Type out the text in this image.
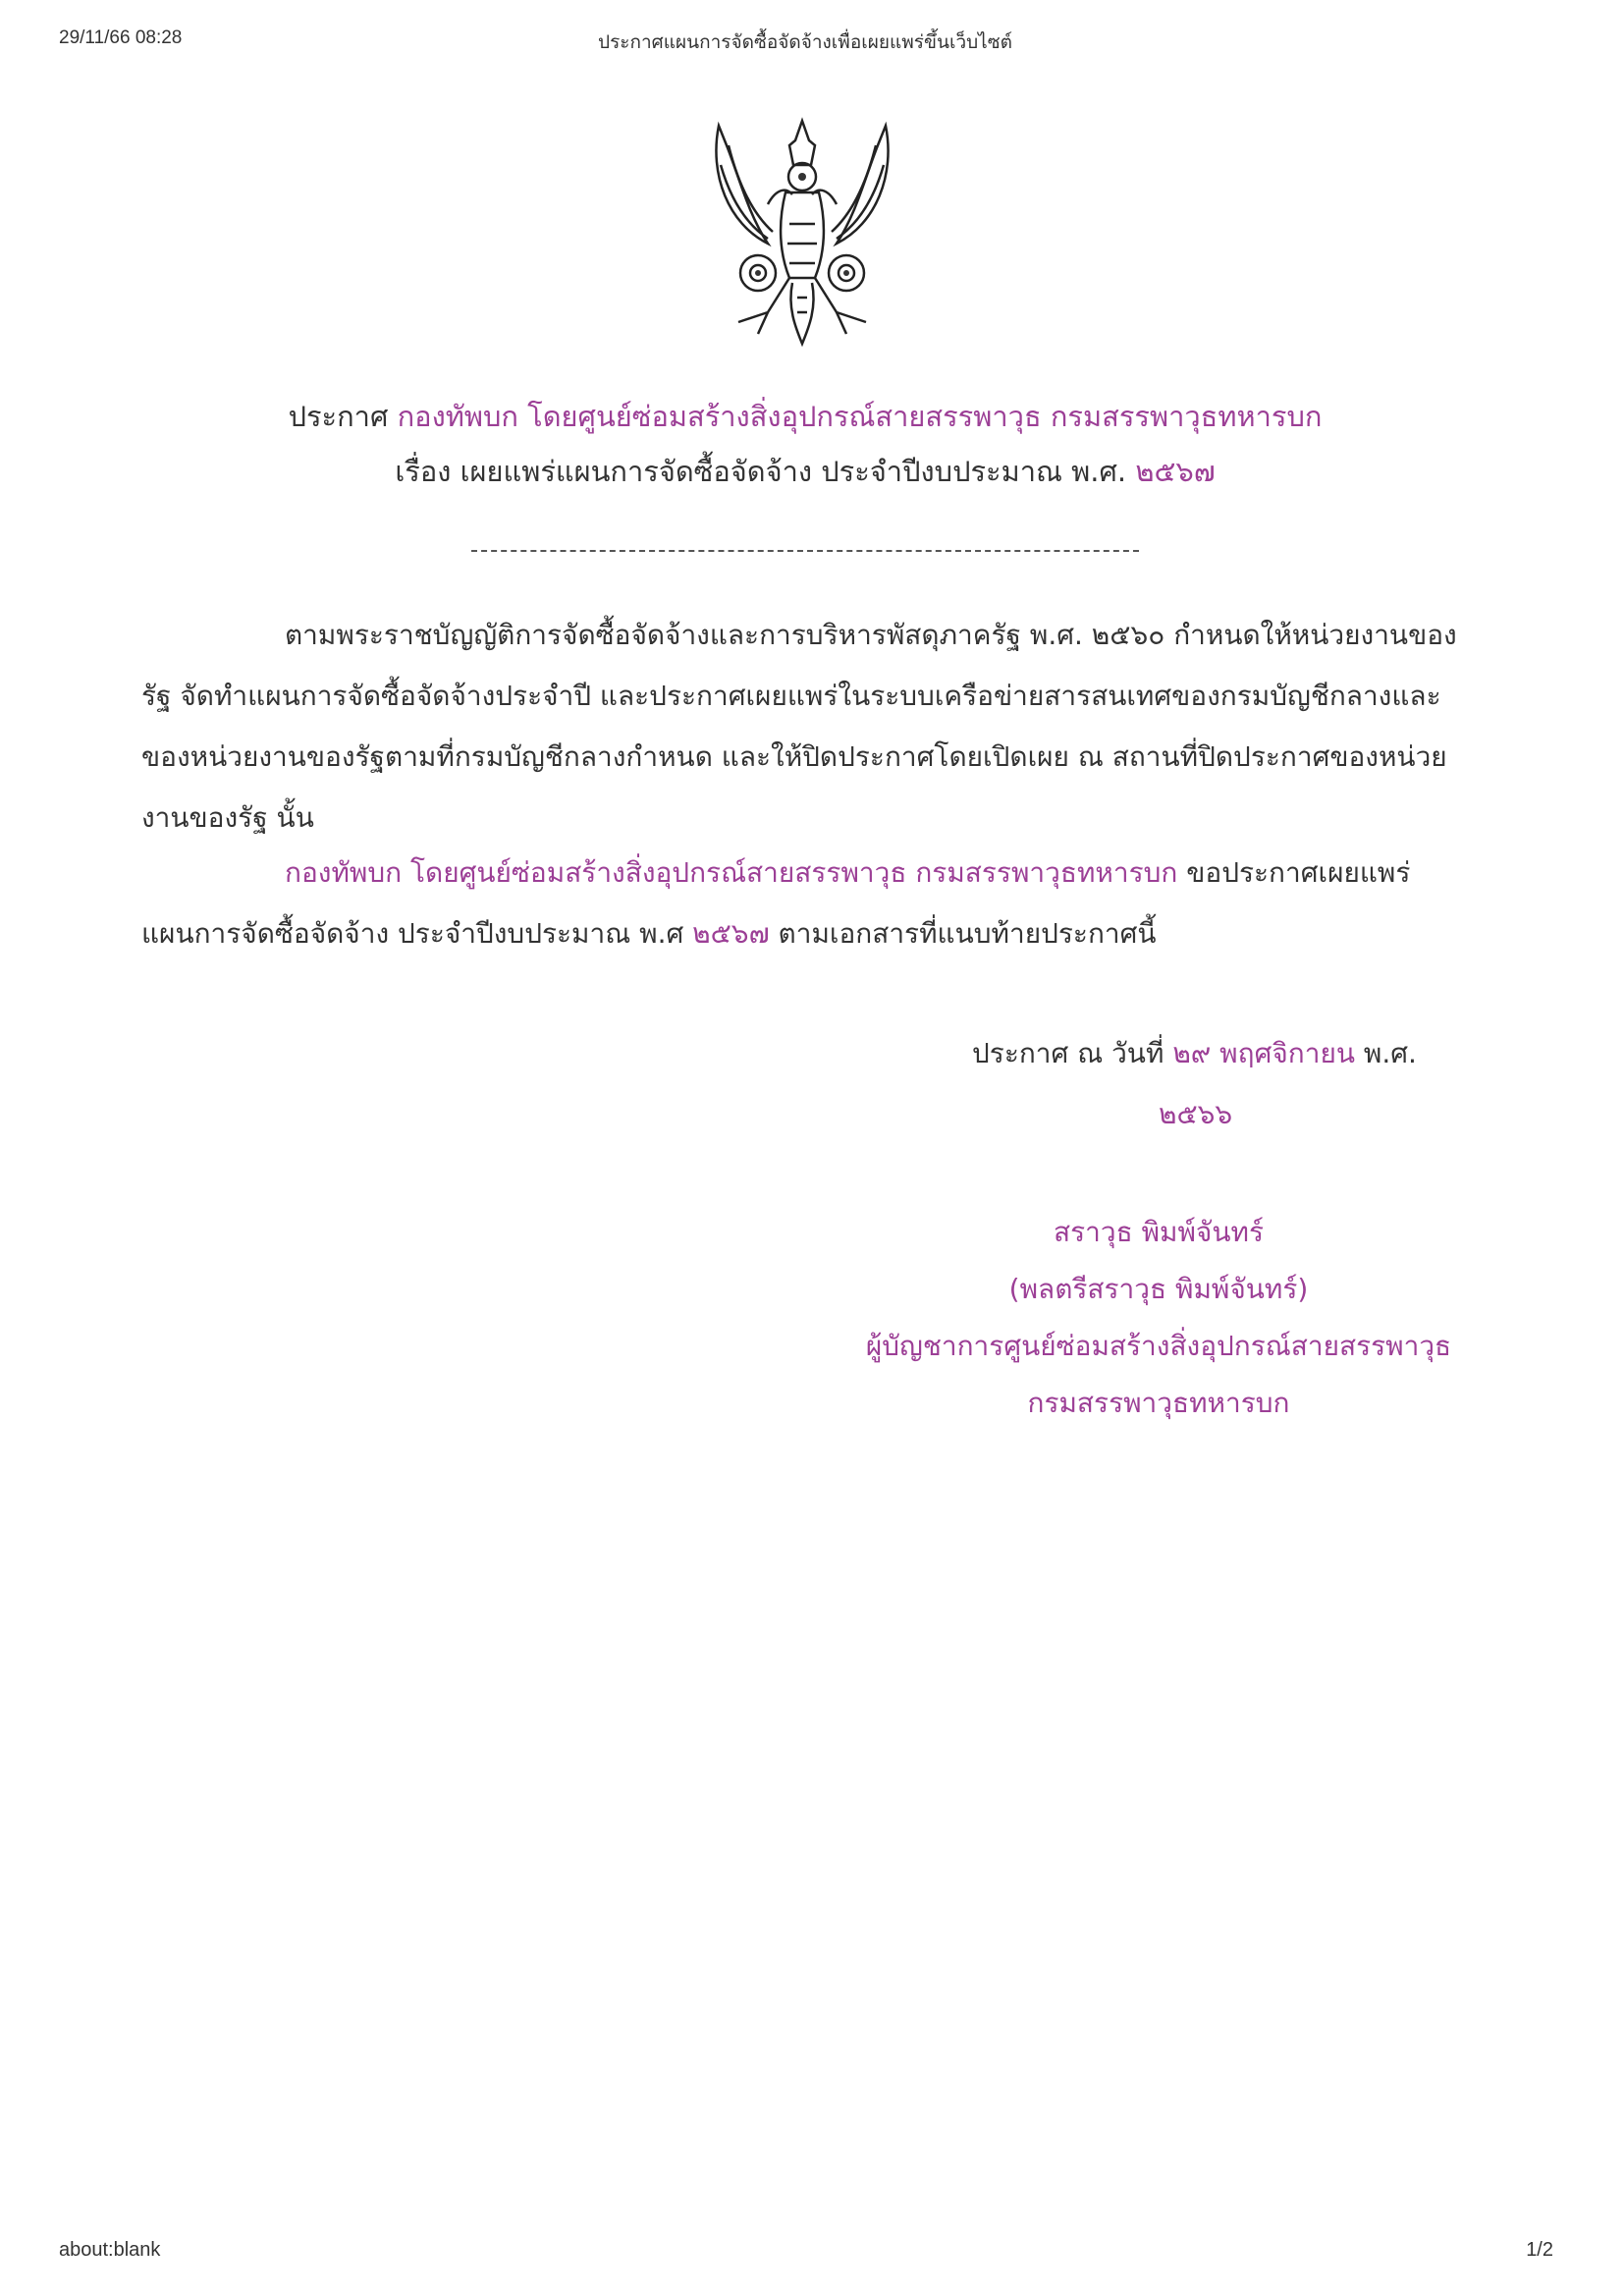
29/11/66 08:28	ประกาศแผนการจัดซื้อจัดจ้างเพื่อเผยแพร่ขึ้นเว็บไซต์
ประกาศ กองทัพบก โดยศูนย์ซ่อมสร้างสิ่งอุปกรณ์สายสรรพาวุธ กรมสรรพาวุธทหารบก
เรื่อง เผยแพร่แผนการจัดซื้อจัดจ้าง ประจำปีงบประมาณ พ.ศ. ๒๕๖๗
ตามพระราชบัญญัติการจัดซื้อจัดจ้างและการบริหารพัสดุภาครัฐ พ.ศ. ๒๕๖๐ กำหนดให้หน่วยงานของรัฐ จัดทำแผนการจัดซื้อจัดจ้างประจำปี และประกาศเผยแพร่ในระบบเครือข่ายสารสนเทศของกรมบัญชีกลางและของหน่วยงานของรัฐตามที่กรมบัญชีกลางกำหนด และให้ปิดประกาศโดยเปิดเผย ณ สถานที่ปิดประกาศของหน่วยงานของรัฐ นั้น
กองทัพบก โดยศูนย์ซ่อมสร้างสิ่งอุปกรณ์สายสรรพาวุธ กรมสรรพาวุธทหารบก ขอประกาศเผยแพร่แผนการจัดซื้อจัดจ้าง ประจำปีงบประมาณ พ.ศ ๒๕๖๗ ตามเอกสารที่แนบท้ายประกาศนี้
ประกาศ ณ วันที่ ๒๙ พฤศจิกายน พ.ศ.
๒๕๖๖
สราวุธ พิมพ์จันทร์
(พลตรีสราวุธ พิมพ์จันทร์)
ผู้บัญชาการศูนย์ซ่อมสร้างสิ่งอุปกรณ์สายสรรพาวุธ
กรมสรรพาวุธทหารบก
about:blank	1/2
